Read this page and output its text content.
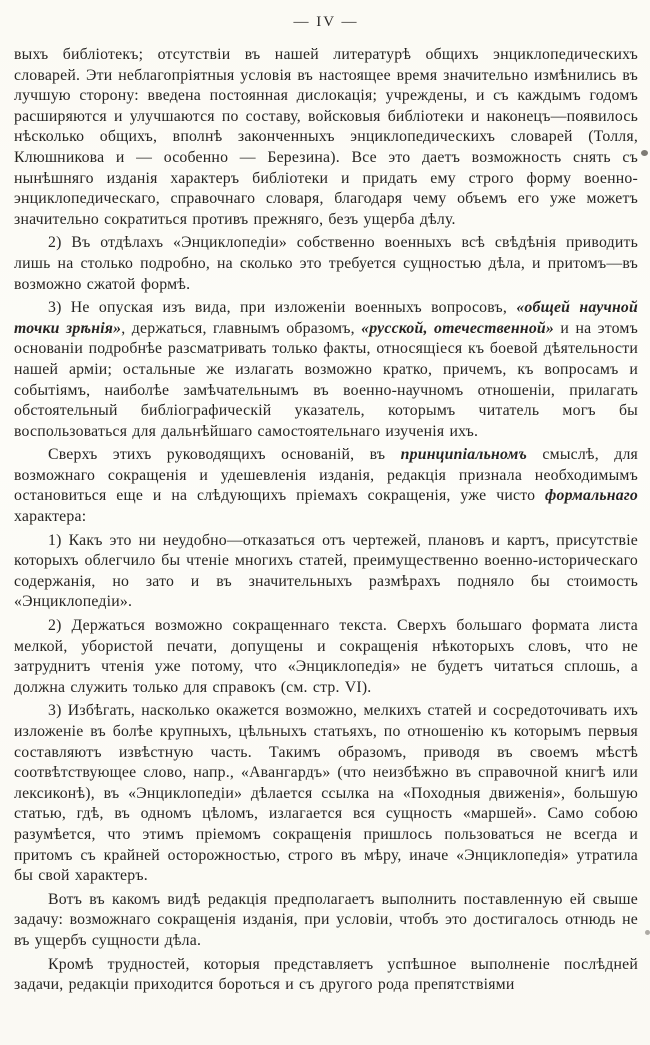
— IV —

выхъ библіотекъ; отсутствіи въ нашей литературѣ общихъ энциклопедическихъ словарей. Эти неблагопріятныя условія въ настоящее время значительно измѣнились въ лучшую сторону: введена постоянная дислокація; учреждены, и съ каждымъ годомъ расширяются и улучшаются по составу, войсковыя библіотеки и наконецъ—появилось нѣсколько общихъ, вполнѣ законченныхъ энциклопедическихъ словарей (Толля, Клюшникова и — особенно — Березина). Все это даетъ возможность снять съ нынѣшняго изданія характеръ библіотеки и придать ему строго форму военно-энциклопедическаго, справочнаго словаря, благодаря чему объемъ его уже можетъ значительно сократиться противъ прежняго, безъ ущерба дѣлу.

2) Въ отдѣлахъ «Энциклопедіи» собственно военныхъ всѣ свѣдѣнія приводить лишь на столько подробно, на сколько это требуется сущностью дѣла, и притомъ—въ возможно сжатой формѣ.

3) Не опуская изъ вида, при изложеніи военныхъ вопросовъ, «общей научной точки зрѣнія», держаться, главнымъ образомъ, «русской, отечественной» и на этомъ основаніи подробнѣе разсматривать только факты, относящіеся къ боевой дѣятельности нашей арміи; остальные же излагать возможно кратко, причемъ, къ вопросамъ и событіямъ, наиболѣе замѣчательнымъ въ военно-научномъ отношеніи, прилагать обстоятельный библіографическій указатель, которымъ читатель могъ бы воспользоваться для дальнѣйшаго самостоятельнаго изученія ихъ.

Сверхъ этихъ руководящихъ основаній, въ принципіальномъ смыслѣ, для возможнаго сокращенія и удешевленія изданія, редакція признала необходимымъ остановиться еще и на слѣдующихъ пріемахъ сокращенія, уже чисто формальнаго характера:

1) Какъ это ни неудобно—отказаться отъ чертежей, плановъ и картъ, присутствіе которыхъ облегчило бы чтеніе многихъ статей, преимущественно военно-историческаго содержанія, но зато и въ значительныхъ размѣрахъ подняло бы стоимость «Энциклопедіи».

2) Держаться возможно сокращеннаго текста. Сверхъ большаго формата листа мелкой, убористой печати, допущены и сокращенія нѣкоторыхъ словъ, что не затруднитъ чтенія уже потому, что «Энциклопедія» не будетъ читаться сплошь, а должна служить только для справокъ (см. стр. VI).

3) Избѣгать, насколько окажется возможно, мелкихъ статей и сосредоточивать ихъ изложеніе въ болѣе крупныхъ, цѣльныхъ статьяхъ, по отношенію къ которымъ первыя составляютъ извѣстную часть. Такимъ образомъ, приводя въ своемъ мѣстѣ соотвѣтствующее слово, напр., «Авангардъ» (что неизбѣжно въ справочной книгѣ или лексиконѣ), въ «Энциклопедіи» дѣлается ссылка на «Походныя движенія», большую статью, гдѣ, въ одномъ цѣломъ, излагается вся сущность «маршей». Само собою разумѣется, что этимъ пріемомъ сокращенія пришлось пользоваться не всегда и притомъ съ крайней осторожностью, строго въ мѣру, иначе «Энциклопедія» утратила бы свой характеръ.

Вотъ въ какомъ видѣ редакція предполагаетъ выполнить поставленную ей свыше задачу: возможнаго сокращенія изданія, при условіи, чтобъ это достигалось отнюдь не въ ущербъ сущности дѣла.

Кромѣ трудностей, которыя представляетъ успѣшное выполненіе послѣдней задачи, редакціи приходится бороться и съ другого рода препятствіями
